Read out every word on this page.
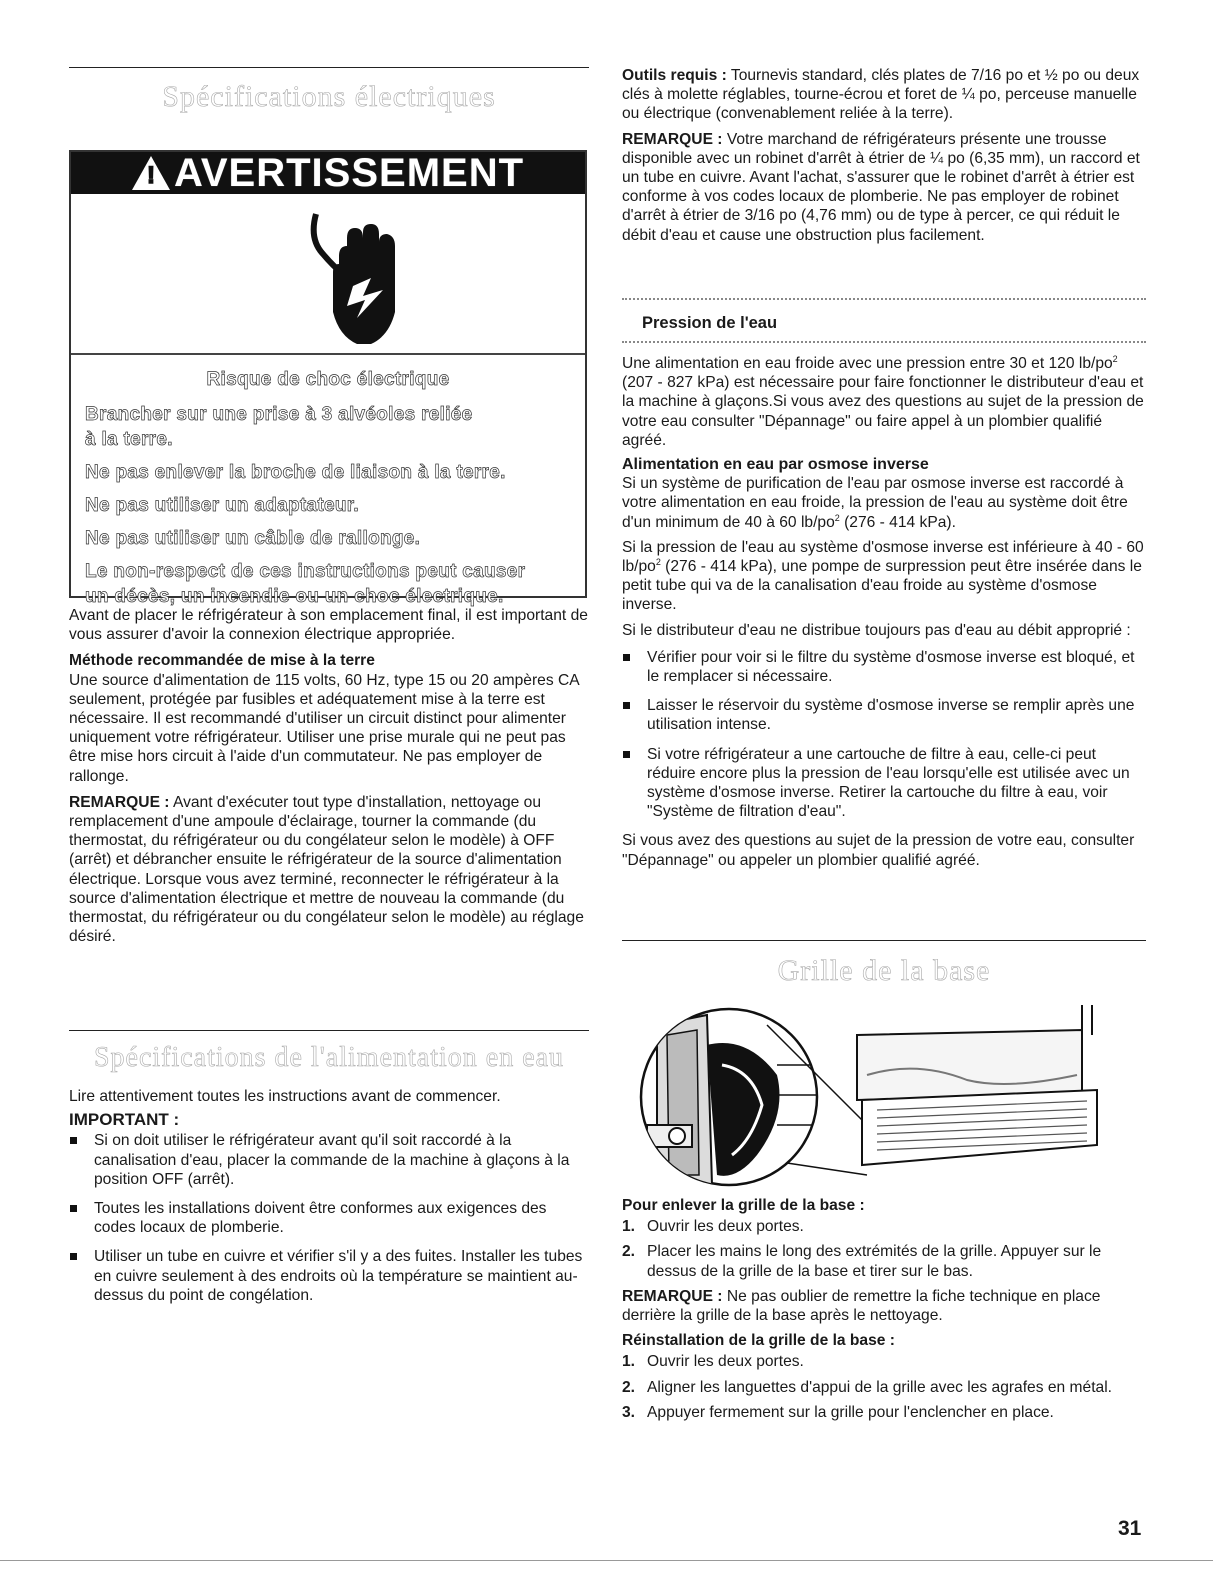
Spécifications électriques
!
AVERTISSEMENT
Risque de choc électrique
Brancher sur une prise à 3 alvéoles reliée
à la terre.
Ne pas enlever la broche de liaison à la terre.
Ne pas utiliser un adaptateur.
Ne pas utiliser un câble de rallonge.
Le non-respect de ces instructions peut causer
un décès, un incendie ou un choc électrique.

Avant de placer le réfrigérateur à son emplacement final, il est important de vous assurer d'avoir la connexion électrique appropriée.

Méthode recommandée de mise à la terre

Une source d'alimentation de 115 volts, 60 Hz, type 15 ou 20 ampères CA seulement, protégée par fusibles et adéquatement mise à la terre est nécessaire. Il est recommandé d'utiliser un circuit distinct pour alimenter uniquement votre réfrigérateur. Utiliser une prise murale qui ne peut pas être mise hors circuit à l'aide d'un commutateur. Ne pas employer de rallonge.

REMARQUE : Avant d'exécuter tout type d'installation, nettoyage ou remplacement d'une ampoule d'éclairage, tourner la commande (du thermostat, du réfrigérateur ou du congélateur selon le modèle) à OFF (arrêt) et débrancher ensuite le réfrigérateur de la source d'alimentation électrique. Lorsque vous avez terminé, reconnecter le réfrigérateur à la source d'alimentation électrique et mettre de nouveau la commande (du thermostat, du réfrigérateur ou du congélateur selon le modèle) au réglage désiré.

Spécifications de l'alimentation en eau

Lire attentivement toutes les instructions avant de commencer.

IMPORTANT :

Si on doit utiliser le réfrigérateur avant qu'il soit raccordé à la canalisation d'eau, placer la commande de la machine à glaçons à la position OFF (arrêt).

Toutes les installations doivent être conformes aux exigences des codes locaux de plomberie.

Utiliser un tube en cuivre et vérifier s'il y a des fuites. Installer les tubes en cuivre seulement à des endroits où la température se maintient au-dessus du point de congélation.

Outils requis : Tournevis standard, clés plates de 7/16 po et ½ po ou deux clés à molette réglables, tourne-écrou et foret de ¼ po, perceuse manuelle ou électrique (convenablement reliée à la terre).

REMARQUE : Votre marchand de réfrigérateurs présente une trousse disponible avec un robinet d'arrêt à étrier de ¼ po (6,35 mm), un raccord et un tube en cuivre. Avant l'achat, s'assurer que le robinet d'arrêt à étrier est conforme à vos codes locaux de plomberie. Ne pas employer de robinet d'arrêt à étrier de 3/16 po (4,76 mm) ou de type à percer, ce qui réduit le débit d'eau et cause une obstruction plus facilement.

Pression de l'eau

Une alimentation en eau froide avec une pression entre 30 et 120 $lb/po^2$ (207 - 827 kPa) est nécessaire pour faire fonctionner le distributeur d'eau et la machine à glaçons.Si vous avez des questions au sujet de la pression de votre eau consulter "Dépannage" ou faire appel à un plombier qualifié agréé.

Alimentation en eau par osmose inverse

Si un système de purification de l'eau par osmose inverse est raccordé à votre alimentation en eau froide, la pression de l'eau au système doit être d'un minimum de 40 à 60 $lb/po^2$ (276 - 414 kPa).

Si la pression de l'eau au système d'osmose inverse est inférieure à 40 - 60 $lb/po^2$ (276 - 414 kPa), une pompe de surpression peut être insérée dans le petit tube qui va de la canalisation d'eau froide au système d'osmose inverse.

Si le distributeur d'eau ne distribue toujours pas d'eau au débit approprié :

Vérifier pour voir si le filtre du système d'osmose inverse est bloqué, et le remplacer si nécessaire.

Laisser le réservoir du système d'osmose inverse se remplir après une utilisation intense.

Si votre réfrigérateur a une cartouche de filtre à eau, celle-ci peut réduire encore plus la pression de l'eau lorsqu'elle est utilisée avec un système d'osmose inverse. Retirer la cartouche du filtre à eau, voir "Système de filtration d'eau".

Si vous avez des questions au sujet de la pression de votre eau, consulter "Dépannage" ou appeler un plombier qualifié agréé.

Grille de la base

Pour enlever la grille de la base :

1. Ouvrir les deux portes.

2. Placer les mains le long des extrémités de la grille. Appuyer sur le dessus de la grille de la base et tirer sur le bas.

REMARQUE : Ne pas oublier de remettre la fiche technique en place derrière la grille de la base après le nettoyage.

Réinstallation de la grille de la base :

1. Ouvrir les deux portes.

2. Aligner les languettes d'appui de la grille avec les agrafes en métal.

3. Appuyer fermement sur la grille pour l'enclencher en place.

31
